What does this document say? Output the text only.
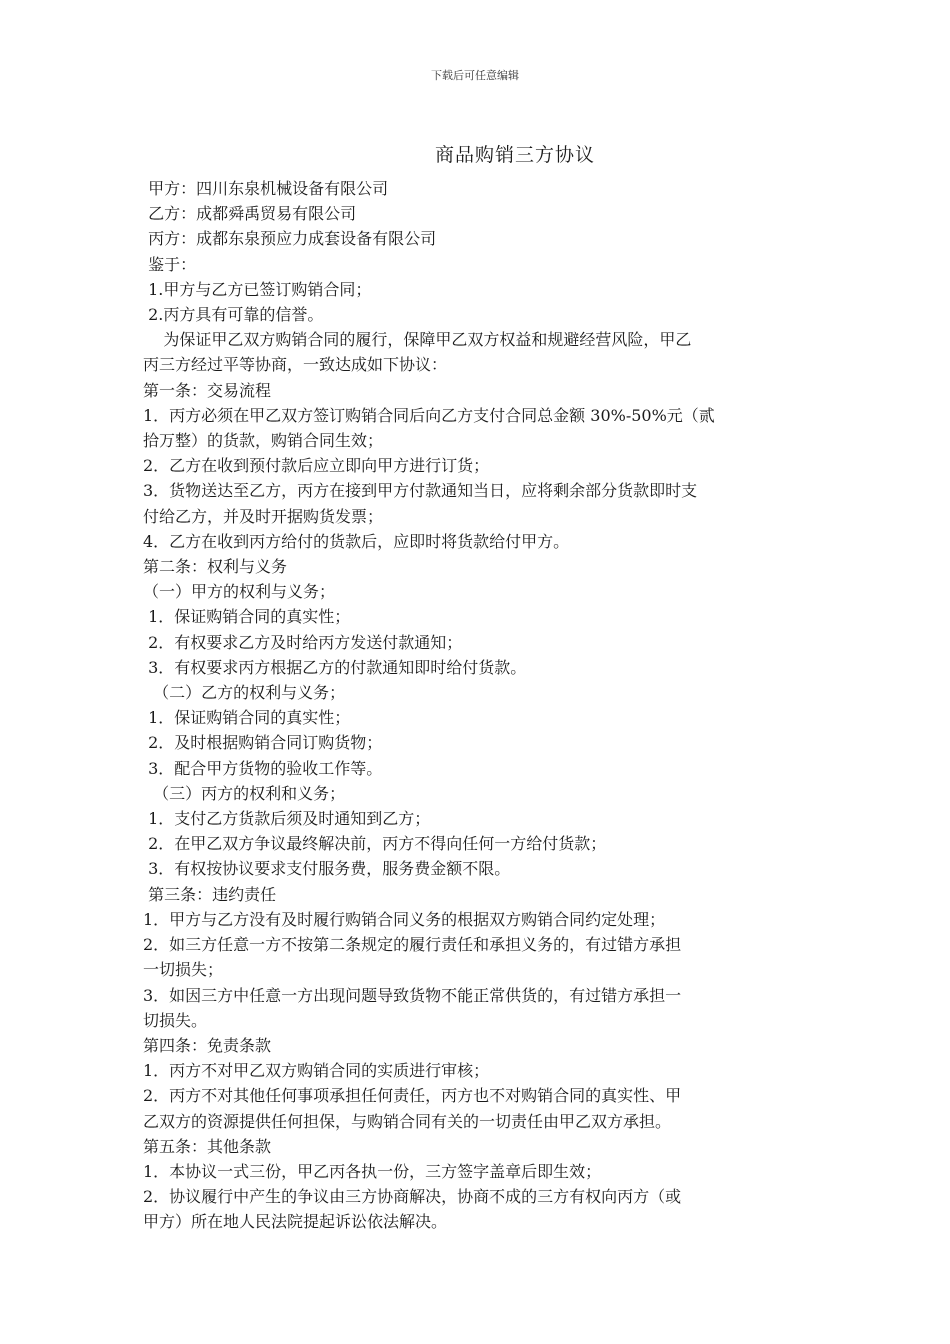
下载后可任意编辑
商品购销三方协议
甲方：四川东泉机械设备有限公司
乙方：成都舜禹贸易有限公司
丙方：成都东泉预应力成套设备有限公司
鉴于：
1.甲方与乙方已签订购销合同；
2.丙方具有可靠的信誉。
为保证甲乙双方购销合同的履行，保障甲乙双方权益和规避经营风险，甲乙
丙三方经过平等协商，一致达成如下协议：
第一条：交易流程
1．丙方必须在甲乙双方签订购销合同后向乙方支付合同总金额 30%-50%元（贰
拾万整）的货款，购销合同生效；
2．乙方在收到预付款后应立即向甲方进行订货；
3．货物送达至乙方，丙方在接到甲方付款通知当日，应将剩余部分货款即时支
付给乙方，并及时开据购货发票；
4．乙方在收到丙方给付的货款后，应即时将货款给付甲方。
第二条：权利与义务
（一）甲方的权利与义务；
1．保证购销合同的真实性；
2．有权要求乙方及时给丙方发送付款通知；
3．有权要求丙方根据乙方的付款通知即时给付货款。
（二）乙方的权利与义务；
1．保证购销合同的真实性；
2．及时根据购销合同订购货物；
3．配合甲方货物的验收工作等。
（三）丙方的权利和义务；
1．支付乙方货款后须及时通知到乙方；
2．在甲乙双方争议最终解决前，丙方不得向任何一方给付货款；
3．有权按协议要求支付服务费，服务费金额不限。
第三条：违约责任
1．甲方与乙方没有及时履行购销合同义务的根据双方购销合同约定处理；
2．如三方任意一方不按第二条规定的履行责任和承担义务的，有过错方承担
一切损失；
3．如因三方中任意一方出现问题导致货物不能正常供货的，有过错方承担一
切损失。
第四条：免责条款
1．丙方不对甲乙双方购销合同的实质进行审核；
2．丙方不对其他任何事项承担任何责任，丙方也不对购销合同的真实性、甲
乙双方的资源提供任何担保，与购销合同有关的一切责任由甲乙双方承担。
第五条：其他条款
1．本协议一式三份，甲乙丙各执一份，三方签字盖章后即生效；
2．协议履行中产生的争议由三方协商解决，协商不成的三方有权向丙方（或
甲方）所在地人民法院提起诉讼依法解决。
